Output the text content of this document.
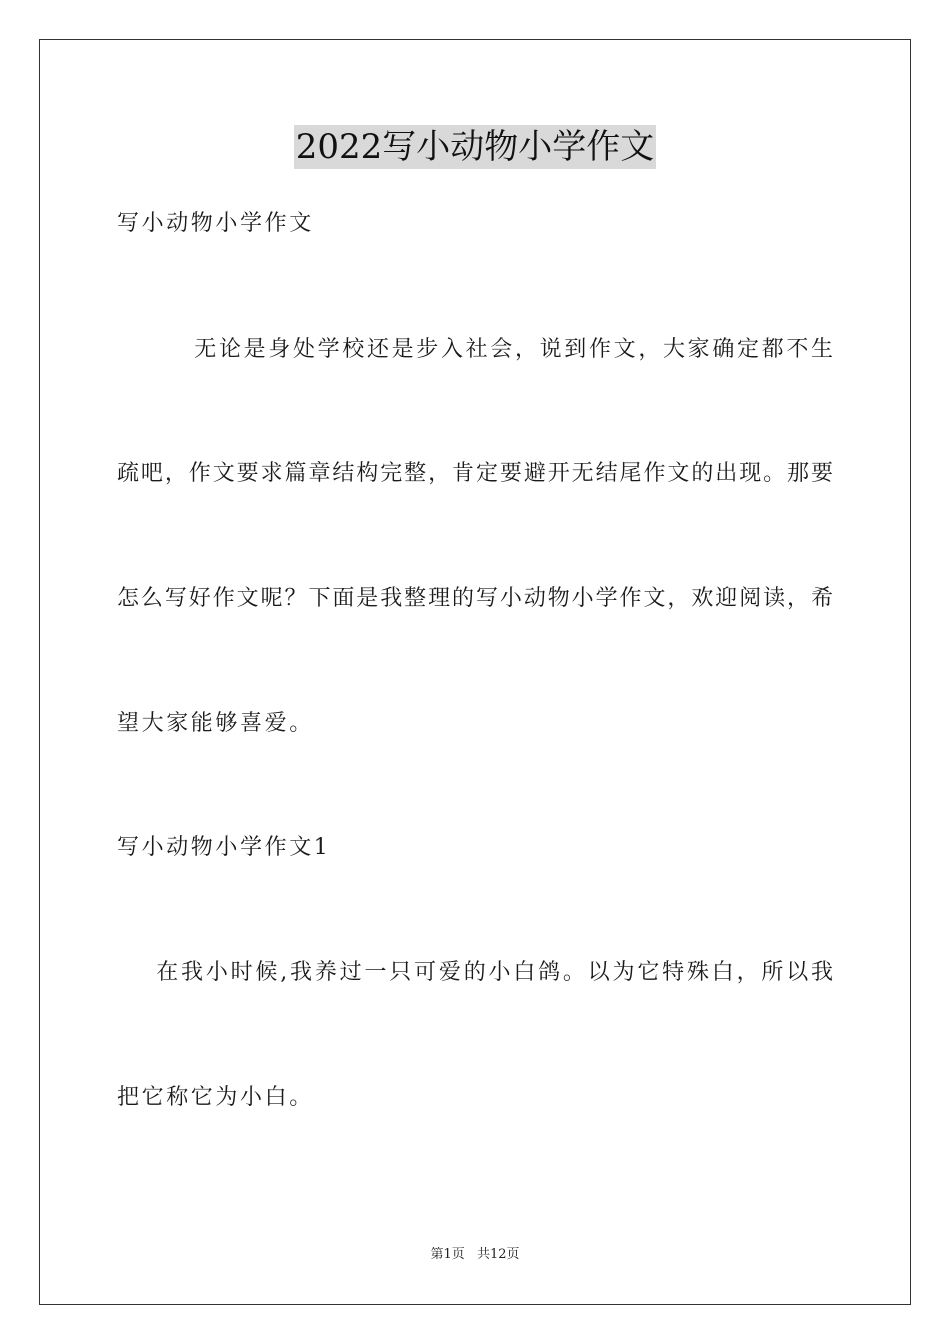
2022写小动物小学作文
写小动物小学作文
无论是身处学校还是步入社会，说到作文，大家确定都不生
疏吧，作文要求篇章结构完整，肯定要避开无结尾作文的出现。那要
怎么写好作文呢？下面是我整理的写小动物小学作文，欢迎阅读，希
望大家能够喜爱。
写小动物小学作文1
在我小时候,我养过一只可爱的小白鸽。以为它特殊白，所以我
把它称它为小白。
第1页 共12页
